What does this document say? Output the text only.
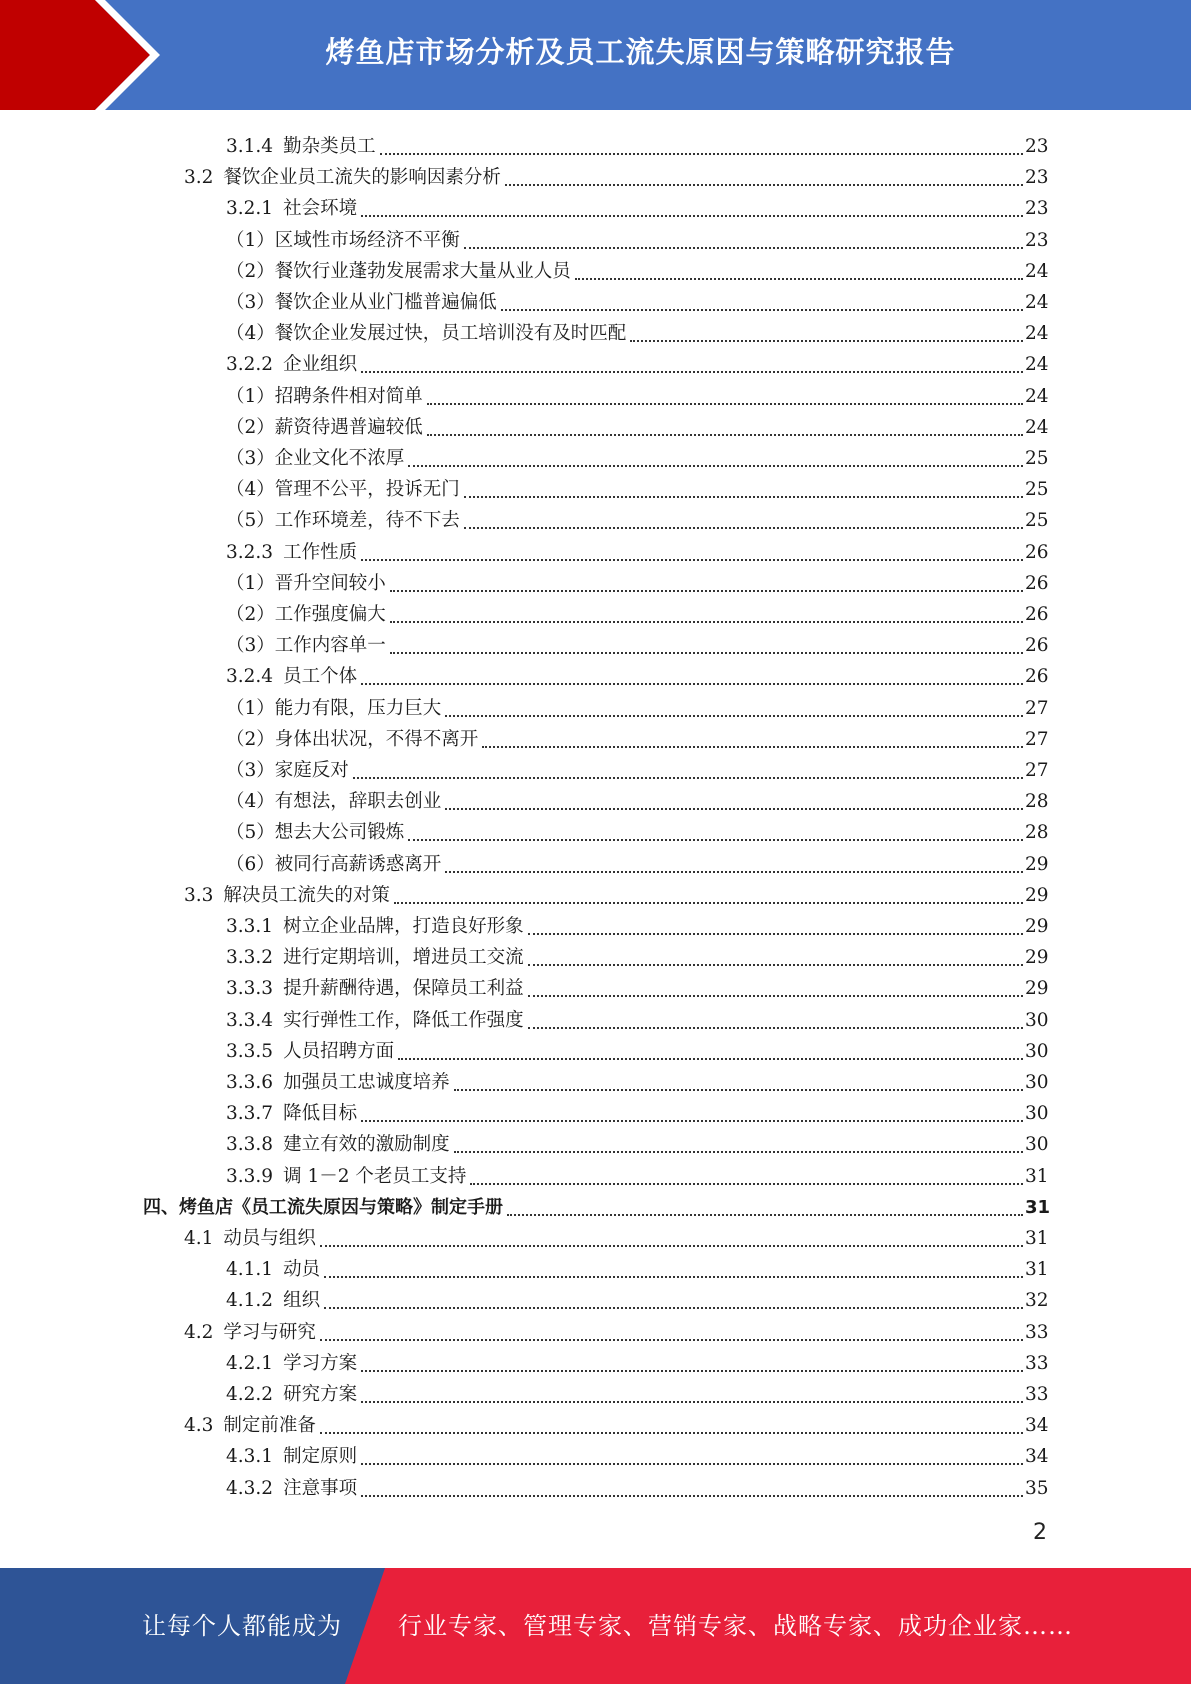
烤鱼店市场分析及员工流失原因与策略研究报告
3.1.4 勤杂类员工	23
3.2 餐饮企业员工流失的影响因素分析	23
3.2.1 社会环境	23
（1） 区域性市场经济不平衡	23
（2） 餐饮行业蓬勃发展需求大量从业人员	24
（3） 餐饮企业从业门槛普遍偏低	24
（4） 餐饮企业发展过快，员工培训没有及时匹配	24
3.2.2 企业组织	24
（1） 招聘条件相对简单	24
（2） 薪资待遇普遍较低	24
（3） 企业文化不浓厚	25
（4） 管理不公平，投诉无门	25
（5） 工作环境差，待不下去	25
3.2.3 工作性质	26
（1） 晋升空间较小	26
（2） 工作强度偏大	26
（3） 工作内容单一	26
3.2.4 员工个体	26
（1） 能力有限，压力巨大	27
（2） 身体出状况，不得不离开	27
（3） 家庭反对	27
（4） 有想法，辞职去创业	28
（5） 想去大公司锻炼	28
（6） 被同行高薪诱惑离开	29
3.3 解决员工流失的对策	29
3.3.1 树立企业品牌，打造良好形象	29
3.3.2 进行定期培训，增进员工交流	29
3.3.3 提升薪酬待遇，保障员工利益	29
3.3.4 实行弹性工作，降低工作强度	30
3.3.5 人员招聘方面	30
3.3.6 加强员工忠诚度培养	30
3.3.7 降低目标	30
3.3.8 建立有效的激励制度	30
3.3.9 调 1－2 个老员工支持	31
四、 烤鱼店《员工流失原因与策略》制定手册	31
4.1 动员与组织	31
4.1.1 动员	31
4.1.2 组织	32
4.2 学习与研究	33
4.2.1 学习方案	33
4.2.2 研究方案	33
4.3 制定前准备	34
4.3.1 制定原则	34
4.3.2 注意事项	35
2
让每个人都能成为 行业专家、管理专家、营销专家、战略专家、成功企业家……
